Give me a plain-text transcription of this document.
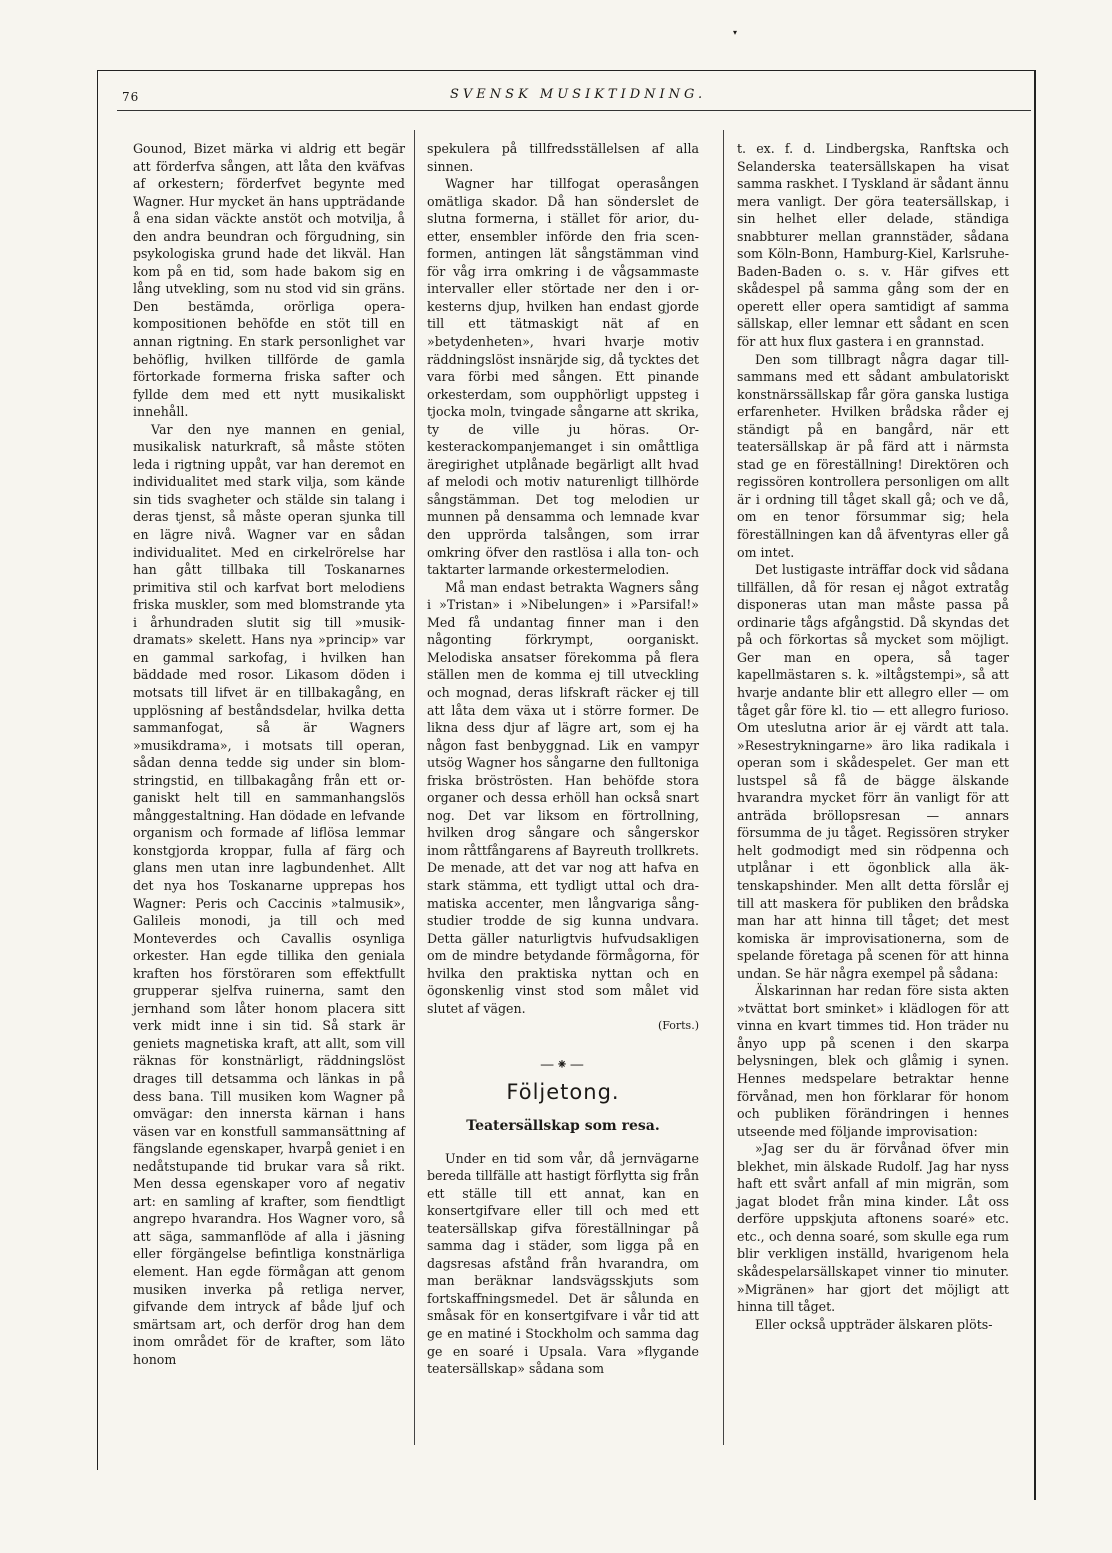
▾
76	SVENSK MUSIKTIDNING.

Gounod, Bizet märka vi aldrig ett begär att förderfva sången, att låta den kväfvas af orkestern; förderfvet begynte med Wagner. Hur mycket än hans uppträdande å ena sidan väckte anstöt och motvilja, å den andra beundran och förgudning, sin psykologiska grund hade det likväl. Han kom på en tid, som hade bakom sig en lång utvekling, som nu stod vid sin gräns. Den bestämda, orörliga operakompositionen behöfde en stöt till en annan rigtning. En stark personlighet var behöflig, hvilken tillförde de gamla förtorkade formerna friska safter och fyllde dem med ett nytt musikaliskt innehåll.

Var den nye mannen en genial, musikalisk naturkraft, så måste stöten leda i rigtning uppåt, var han deremot en individualitet med stark vilja, som kände sin tids svagheter och stälde sin talang i deras tjenst, så måste operan sjunka till en lägre nivå. Wagner var en sådan individualitet. Med en cirkelrörelse har han gått tillbaka till Toskanarnes primitiva stil och karfvat bort melodiens friska muskler, som med blomstrande yta i århundraden slutit sig till »musikdramats» skelett. Hans nya »princip» var en gammal sarkofag, i hvilken han bäddade med rosor. Likasom döden i motsats till lifvet är en tillbakagång, en upplösning af beståndsdelar, hvilka detta sammanfogat, så är Wagners »musikdrama», i motsats till operan, sådan denna tedde sig under sin blomstringstid, en tillbakagång från ett organiskt helt till en sammanhangslös månggestaltning. Han dödade en lefvande organism och formade af liflösa lemmar konstgjorda kroppar, fulla af färg och glans men utan inre lagbundenhet. Allt det nya hos Toskanarne upprepas hos Wagner: Peris och Caccinis »talmusik», Galileis monodi, ja till och med Monteverdes och Cavallis osynliga orkester. Han egde tillika den geniala kraften hos förstöraren som effektfullt grupperar sjelfva ruinerna, samt den jernhand som låter honom placera sitt verk midt inne i sin tid. Så stark är geniets magnetiska kraft, att allt, som vill räknas för konstnärligt, räddningslöst drages till detsamma och länkas in på dess bana. Till musiken kom Wagner på omvägar: den innersta kärnan i hans väsen var en konstfull sammansättning af fängslande egenskaper, hvarpå geniet i en nedåtstupande tid brukar vara så rikt. Men dessa egenskaper voro af negativ art: en samling af krafter, som fiendtligt angrepo hvarandra. Hos Wagner voro, så att säga, sammanflöde af alla i jäsning eller förgängelse befintliga konstnärliga element. Han egde förmågan att genom musiken inverka på retliga nerver, gifvande dem intryck af både ljuf och smärtsam art, och derför drog han dem inom området för de krafter, som läto honom

spekulera på tillfredsställelsen af alla sinnen.

Wagner har tillfogat operasången omätliga skador. Då han sönderslet de slutna formerna, i stället för arior, duetter, ensembler införde den fria scenformen, antingen lät sångstämman vind för våg irra omkring i de vågsammaste intervaller eller störtade ner den i orkesterns djup, hvilken han endast gjorde till ett tätmaskigt nät af en »betydenheten», hvari hvarje motiv räddningslöst insnärjde sig, då tycktes det vara förbi med sången. Ett pinande orkesterdam, som oupphörligt uppsteg i tjocka moln, tvingade sångarne att skrika, ty de ville ju höras. Orkesterackompanjemanget i sin omåttliga äregirighet utplånade begärligt allt hvad af melodi och motiv naturenligt tillhörde sångstämman. Det tog melodien ur munnen på densamma och lemnade kvar den upprörda talsången, som irrar omkring öfver den rastlösa i alla ton- och taktarter larmande orkestermelodien.

Må man endast betrakta Wagners sång i »Tristan» i »Nibelungen» i »Parsifal!» Med få undantag finner man i den någonting förkrympt, oorganiskt. Melodiska ansatser förekomma på flera ställen men de komma ej till utveckling och mognad, deras lifskraft räcker ej till att låta dem växa ut i större former. De likna dess djur af lägre art, som ej ha någon fast benbyggnad. Lik en vampyr utsög Wagner hos sångarne den fulltoniga friska bröströsten. Han behöfde stora organer och dessa erhöll han också snart nog. Det var liksom en förtrollning, hvilken drog sångare och sångerskor inom råttfångarens af Bayreuth trollkrets. De menade, att det var nog att hafva en stark stämma, ett tydligt uttal och dramatiska accenter, men långvariga sångstudier trodde de sig kunna undvara. Detta gäller naturligtvis hufvudsakligen om de mindre betydande förmågorna, för hvilka den praktiska nyttan och en ögonskenlig vinst stod som målet vid slutet af vägen.

(Forts.)
—⁕—
Följetong.
Teatersällskap som resa.

Under en tid som vår, då jernvägarne bereda tillfälle att hastigt förflytta sig från ett ställe till ett annat, kan en konsertgifvare eller till och med ett teatersällskap gifva föreställningar på samma dag i städer, som ligga på en dagsresas afstånd från hvarandra, om man beräknar landsvägsskjuts som fortskaffningsmedel. Det är sålunda en småsak för en konsertgifvare i vår tid att ge en matiné i Stockholm och samma dag ge en soaré i Upsala. Vara »flygande teatersällskap» sådana som

t. ex. f. d. Lindbergska, Ranftska och Selanderska teatersällskapen ha visat samma raskhet. I Tyskland är sådant ännu mera vanligt. Der göra teatersällskap, i sin helhet eller delade, ständiga snabbturer mellan grannstäder, sådana som Köln-Bonn, Hamburg-Kiel, Karlsruhe-Baden-Baden o. s. v. Här gifves ett skådespel på samma gång som der en operett eller opera samtidigt af samma sällskap, eller lemnar ett sådant en scen för att hux flux gastera i en grannstad.

Den som tillbragt några dagar tillsammans med ett sådant ambulatoriskt konstnärssällskap får göra ganska lustiga erfarenheter. Hvilken brådska råder ej ständigt på en bangård, när ett teatersällskap är på färd att i närmsta stad ge en föreställning! Direktören och regissören kontrollera personligen om allt är i ordning till tåget skall gå; och ve då, om en tenor försummar sig; hela föreställningen kan då äfventyras eller gå om intet.

Det lustigaste inträffar dock vid sådana tillfällen, då för resan ej något extratåg disponeras utan man måste passa på ordinarie tågs afgångstid. Då skyndas det på och förkortas så mycket som möjligt. Ger man en opera, så tager kapellmästaren s. k. »iltågstempi», så att hvarje andante blir ett allegro eller — om tåget går före kl. tio — ett allegro furioso. Om uteslutna arior är ej värdt att tala. »Resestrykningarne» äro lika radikala i operan som i skådespelet. Ger man ett lustspel så få de bägge älskande hvarandra mycket förr än vanligt för att anträda bröllopsresan — annars försumma de ju tåget. Regissören stryker helt godmodigt med sin rödpenna och utplånar i ett ögonblick alla äktenskapshinder. Men allt detta förslår ej till att maskera för publiken den brådska man har att hinna till tåget; det mest komiska är improvisationerna, som de spelande företaga på scenen för att hinna undan. Se här några exempel på sådana:

Älskarinnan har redan före sista akten »tvättat bort sminket» i klädlogen för att vinna en kvart timmes tid. Hon träder nu ånyo upp på scenen i den skarpa belysningen, blek och glåmig i synen. Hennes medspelare betraktar henne förvånad, men hon förklarar för honom och publiken förändringen i hennes utseende med följande improvisation:

»Jag ser du är förvånad öfver min blekhet, min älskade Rudolf. Jag har nyss haft ett svårt anfall af min migrän, som jagat blodet från mina kinder. Låt oss derföre uppskjuta aftonens soaré» etc. etc., och denna soaré, som skulle ega rum blir verkligen inställd, hvarigenom hela skådespelarsällskapet vinner tio minuter. »Migränen» har gjort det möjligt att hinna till tåget.

Eller också uppträder älskaren plöts-
